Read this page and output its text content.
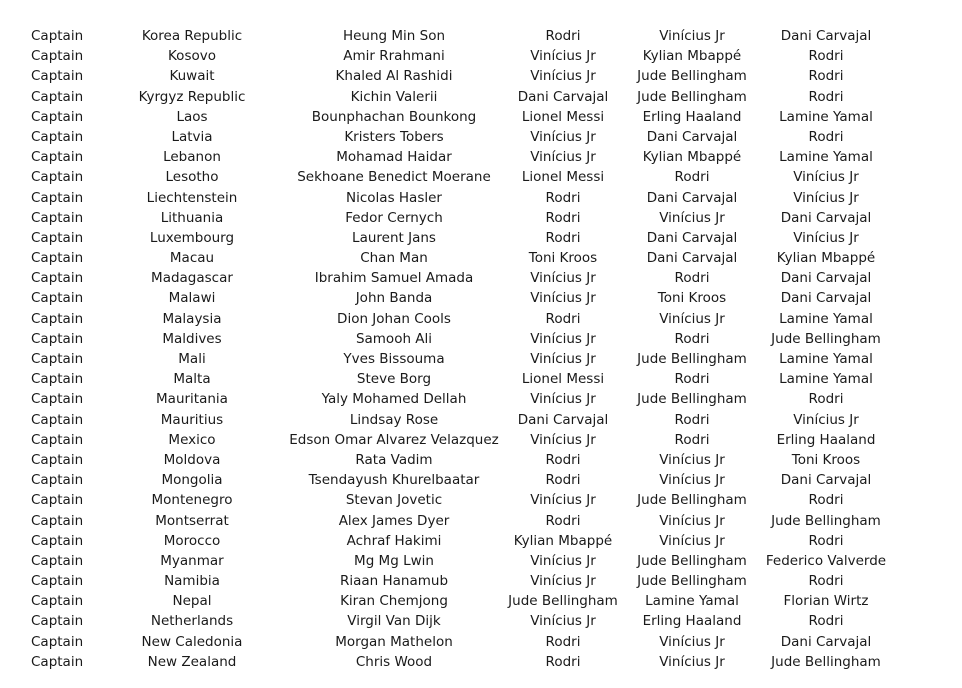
Captain	Korea Republic	Heung Min Son	Rodri	Vinícius Jr	Dani Carvajal
Captain	Kosovo	Amir Rrahmani	Vinícius Jr	Kylian Mbappé	Rodri
Captain	Kuwait	Khaled Al Rashidi	Vinícius Jr	Jude Bellingham	Rodri
Captain	Kyrgyz Republic	Kichin Valerii	Dani Carvajal	Jude Bellingham	Rodri
Captain	Laos	Bounphachan Bounkong	Lionel Messi	Erling Haaland	Lamine Yamal
Captain	Latvia	Kristers Tobers	Vinícius Jr	Dani Carvajal	Rodri
Captain	Lebanon	Mohamad Haidar	Vinícius Jr	Kylian Mbappé	Lamine Yamal
Captain	Lesotho	Sekhoane Benedict Moerane	Lionel Messi	Rodri	Vinícius Jr
Captain	Liechtenstein	Nicolas Hasler	Rodri	Dani Carvajal	Vinícius Jr
Captain	Lithuania	Fedor Cernych	Rodri	Vinícius Jr	Dani Carvajal
Captain	Luxembourg	Laurent Jans	Rodri	Dani Carvajal	Vinícius Jr
Captain	Macau	Chan Man	Toni Kroos	Dani Carvajal	Kylian Mbappé
Captain	Madagascar	Ibrahim Samuel Amada	Vinícius Jr	Rodri	Dani Carvajal
Captain	Malawi	John Banda	Vinícius Jr	Toni Kroos	Dani Carvajal
Captain	Malaysia	Dion Johan Cools	Rodri	Vinícius Jr	Lamine Yamal
Captain	Maldives	Samooh Ali	Vinícius Jr	Rodri	Jude Bellingham
Captain	Mali	Yves Bissouma	Vinícius Jr	Jude Bellingham	Lamine Yamal
Captain	Malta	Steve Borg	Lionel Messi	Rodri	Lamine Yamal
Captain	Mauritania	Yaly Mohamed Dellah	Vinícius Jr	Jude Bellingham	Rodri
Captain	Mauritius	Lindsay Rose	Dani Carvajal	Rodri	Vinícius Jr
Captain	Mexico	Edson Omar Alvarez Velazquez	Vinícius Jr	Rodri	Erling Haaland
Captain	Moldova	Rata Vadim	Rodri	Vinícius Jr	Toni Kroos
Captain	Mongolia	Tsendayush Khurelbaatar	Rodri	Vinícius Jr	Dani Carvajal
Captain	Montenegro	Stevan Jovetic	Vinícius Jr	Jude Bellingham	Rodri
Captain	Montserrat	Alex James Dyer	Rodri	Vinícius Jr	Jude Bellingham
Captain	Morocco	Achraf Hakimi	Kylian Mbappé	Vinícius Jr	Rodri
Captain	Myanmar	Mg Mg Lwin	Vinícius Jr	Jude Bellingham	Federico Valverde
Captain	Namibia	Riaan Hanamub	Vinícius Jr	Jude Bellingham	Rodri
Captain	Nepal	Kiran Chemjong	Jude Bellingham	Lamine Yamal	Florian Wirtz
Captain	Netherlands	Virgil Van Dijk	Vinícius Jr	Erling Haaland	Rodri
Captain	New Caledonia	Morgan Mathelon	Rodri	Vinícius Jr	Dani Carvajal
Captain	New Zealand	Chris Wood	Rodri	Vinícius Jr	Jude Bellingham
